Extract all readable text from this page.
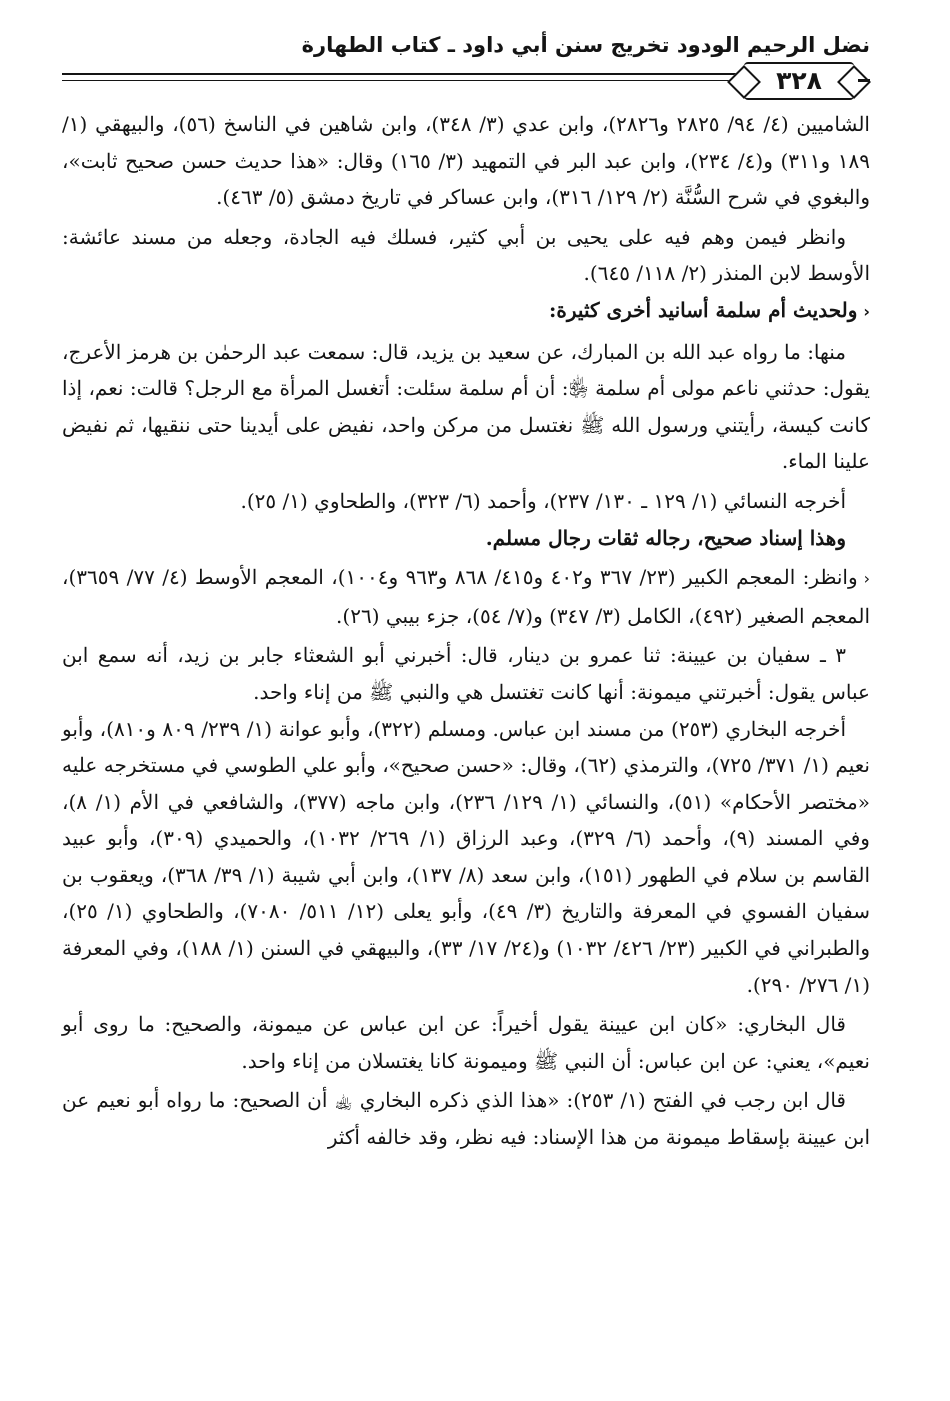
نضل الرحيم الودود تخريج سنن أبي داود ـ كتاب الطهارة
٣٢٨

الشاميين (٤/ ٩٤/ ٢٨٢٥ و٢٨٢٦)، وابن عدي (٣/ ٣٤٨)، وابن شاهين في الناسخ (٥٦)، والبيهقي (١/ ١٨٩ و٣١١) و(٤/ ٢٣٤)، وابن عبد البر في التمهيد (٣/ ١٦٥) وقال: «هذا حديث حسن صحيح ثابت»، والبغوي في شرح السُّنَّة (٢/ ١٢٩/ ٣١٦)، وابن عساكر في تاريخ دمشق (٥/ ٤٦٣).

وانظر فيمن وهم فيه على يحيى بن أبي كثير، فسلك فيه الجادة، وجعله من مسند عائشة: الأوسط لابن المنذر (٢/ ١١٨/ ٦٤٥).

‹ولحديث أم سلمة أسانيد أخرى كثيرة:

منها: ما رواه عبد الله بن المبارك، عن سعيد بن يزيد، قال: سمعت عبد الرحمٰن بن هرمز الأعرج، يقول: حدثني ناعم مولى أم سلمة ﵂: أن أم سلمة سئلت: أتغسل المرأة مع الرجل؟ قالت: نعم، إذا كانت كيسة، رأيتني ورسول الله ﷺ نغتسل من مركن واحد، نفيض على أيدينا حتى ننقيها، ثم نفيض علينا الماء.

أخرجه النسائي (١/ ١٢٩ ـ ١٣٠/ ٢٣٧)، وأحمد (٦/ ٣٢٣)، والطحاوي (١/ ٢٥).

وهذا إسناد صحيح، رجاله ثقات رجال مسلم.

‹وانظر: المعجم الكبير (٢٣/ ٣٦٧ و٤٠٢ و٤١٥/ ٨٦٨ و٩٦٣ و١٠٠٤)، المعجم الأوسط (٤/ ٧٧/ ٣٦٥٩)، المعجم الصغير (٤٩٢)، الكامل (٣/ ٣٤٧) و(٧/ ٥٤)، جزء بيبي (٢٦).

٣ ـ سفيان بن عيينة: ثنا عمرو بن دينار، قال: أخبرني أبو الشعثاء جابر بن زيد، أنه سمع ابن عباس يقول: أخبرتني ميمونة: أنها كانت تغتسل هي والنبي ﷺ من إناء واحد.

أخرجه البخاري (٢٥٣) من مسند ابن عباس. ومسلم (٣٢٢)، وأبو عوانة (١/ ٢٣٩/ ٨٠٩ و٨١٠)، وأبو نعيم (١/ ٣٧١/ ٧٢٥)، والترمذي (٦٢)، وقال: «حسن صحيح»، وأبو علي الطوسي في مستخرجه عليه «مختصر الأحكام» (٥١)، والنسائي (١/ ١٢٩/ ٢٣٦)، وابن ماجه (٣٧٧)، والشافعي في الأم (١/ ٨)، وفي المسند (٩)، وأحمد (٦/ ٣٢٩)، وعبد الرزاق (١/ ٢٦٩/ ١٠٣٢)، والحميدي (٣٠٩)، وأبو عبيد القاسم بن سلام في الطهور (١٥١)، وابن سعد (٨/ ١٣٧)، وابن أبي شيبة (١/ ٣٩/ ٣٦٨)، ويعقوب بن سفيان الفسوي في المعرفة والتاريخ (٣/ ٤٩)، وأبو يعلى (١٢/ ٥١١/ ٧٠٨٠)، والطحاوي (١/ ٢٥)، والطبراني في الكبير (٢٣/ ٤٢٦/ ١٠٣٢) و(٢٤/ ١٧/ ٣٣)، والبيهقي في السنن (١/ ١٨٨)، وفي المعرفة (١/ ٢٧٦/ ٢٩٠).

قال البخاري: «كان ابن عيينة يقول أخيراً: عن ابن عباس عن ميمونة، والصحيح: ما روى أبو نعيم»، يعني: عن ابن عباس: أن النبي ﷺ وميمونة كانا يغتسلان من إناء واحد.

قال ابن رجب في الفتح (١/ ٢٥٣): «هذا الذي ذكره البخاري ﵀ أن الصحيح: ما رواه أبو نعيم عن ابن عيينة بإسقاط ميمونة من هذا الإسناد: فيه نظر، وقد خالفه أكثر
